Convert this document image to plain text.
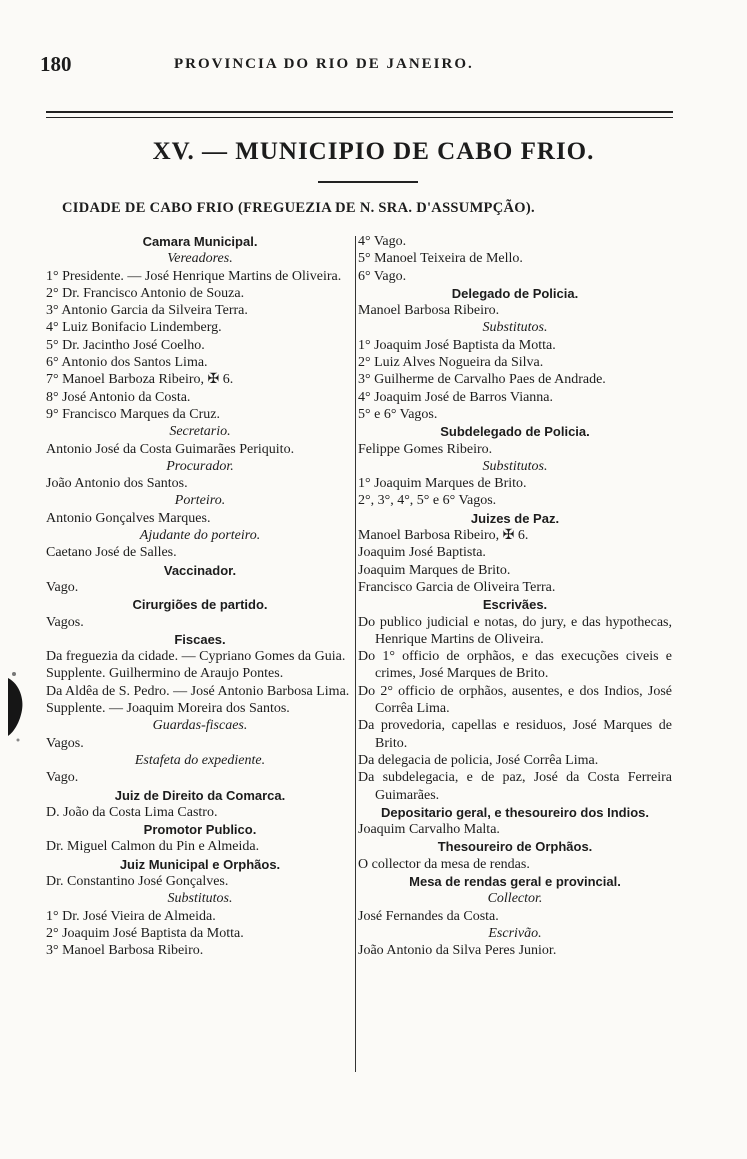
180	PROVINCIA DO RIO DE JANEIRO.
XV. — MUNICIPIO DE CABO FRIO.
CIDADE DE CABO FRIO (FREGUEZIA DE N. SRA. D'ASSUMPÇÃO).

Camara Municipal.

Vereadores.

1° Presidente. — José Henrique Martins de Oliveira.

2° Dr. Francisco Antonio de Souza.

3° Antonio Garcia da Silveira Terra.

4° Luiz Bonifacio Lindemberg.

5° Dr. Jacintho José Coelho.

6° Antonio dos Santos Lima.

7° Manoel Barboza Ribeiro, ✠ 6.

8° José Antonio da Costa.

9° Francisco Marques da Cruz.

Secretario.

Antonio José da Costa Guimarães Periquito.

Procurador.

João Antonio dos Santos.

Porteiro.

Antonio Gonçalves Marques.

Ajudante do porteiro.

Caetano José de Salles.

Vaccinador.

Vago.

Cirurgiões de partido.

Vagos.

Fiscaes.

Da freguezia da cidade. — Cypriano Gomes da Guia.

Supplente. Guilhermino de Araujo Pontes.

Da Aldêa de S. Pedro. — José Antonio Barbosa Lima.

Supplente. — Joaquim Moreira dos Santos.

Guardas-fiscaes.

Vagos.

Estafeta do expediente.

Vago.

Juiz de Direito da Comarca.

D. João da Costa Lima Castro.

Promotor Publico.

Dr. Miguel Calmon du Pin e Almeida.

Juiz Municipal e Orphãos.

Dr. Constantino José Gonçalves.

Substitutos.

1° Dr. José Vieira de Almeida.

2° Joaquim José Baptista da Motta.

3° Manoel Barbosa Ribeiro.

4° Vago.

5° Manoel Teixeira de Mello.

6° Vago.

Delegado de Policia.

Manoel Barbosa Ribeiro.

Substitutos.

1° Joaquim José Baptista da Motta.

2° Luiz Alves Nogueira da Silva.

3° Guilherme de Carvalho Paes de Andrade.

4° Joaquim José de Barros Vianna.

5° e 6° Vagos.

Subdelegado de Policia.

Felippe Gomes Ribeiro.

Substitutos.

1° Joaquim Marques de Brito.

2°, 3°, 4°, 5° e 6° Vagos.

Juizes de Paz.

Manoel Barbosa Ribeiro, ✠ 6.

Joaquim José Baptista.

Joaquim Marques de Brito.

Francisco Garcia de Oliveira Terra.

Escrivães.

Do publico judicial e notas, do jury, e das hypothecas, Henrique Martins de Oliveira.

Do 1° officio de orphãos, e das execuções civeis e crimes, José Marques de Brito.

Do 2° officio de orphãos, ausentes, e dos Indios, José Corrêa Lima.

Da provedoria, capellas e residuos, José Marques de Brito.

Da delegacia de policia, José Corrêa Lima.

Da subdelegacia, e de paz, José da Costa Ferreira Guimarães.

Depositario geral, e thesoureiro dos Indios.

Joaquim Carvalho Malta.

Thesoureiro de Orphãos.

O collector da mesa de rendas.

Mesa de rendas geral e provincial.

Collector.

José Fernandes da Costa.

Escrivão.

João Antonio da Silva Peres Junior.
